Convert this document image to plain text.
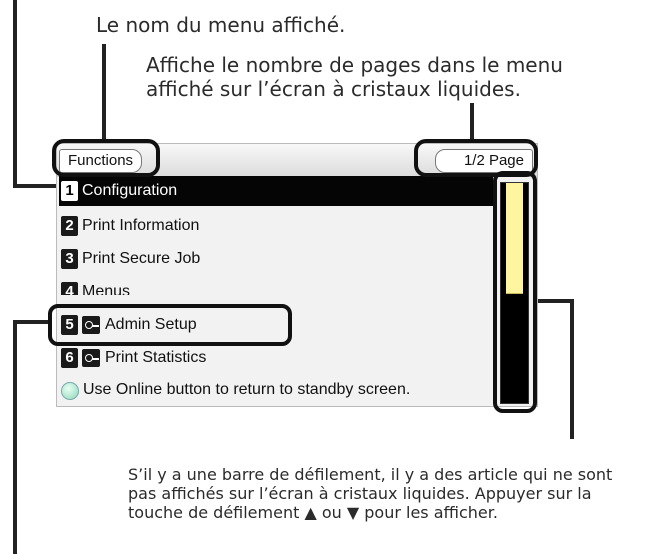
Le nom du menu affiché.
Affiche le nombre de pages dans le menu
affiché sur l’écran à cristaux liquides.
S’il y a une barre de défilement, il y a des article qui ne sont
pas affichés sur l’écran à cristaux liquides. Appuyer sur la
touche de défilement ▲ ou ▼ pour les afficher.
Functions	1/2 Page
1 Configuration
2 Print Information
3 Print Secure Job
4 Menus
5 Admin Setup
6 Print Statistics
Use Online button to return to standby screen.
